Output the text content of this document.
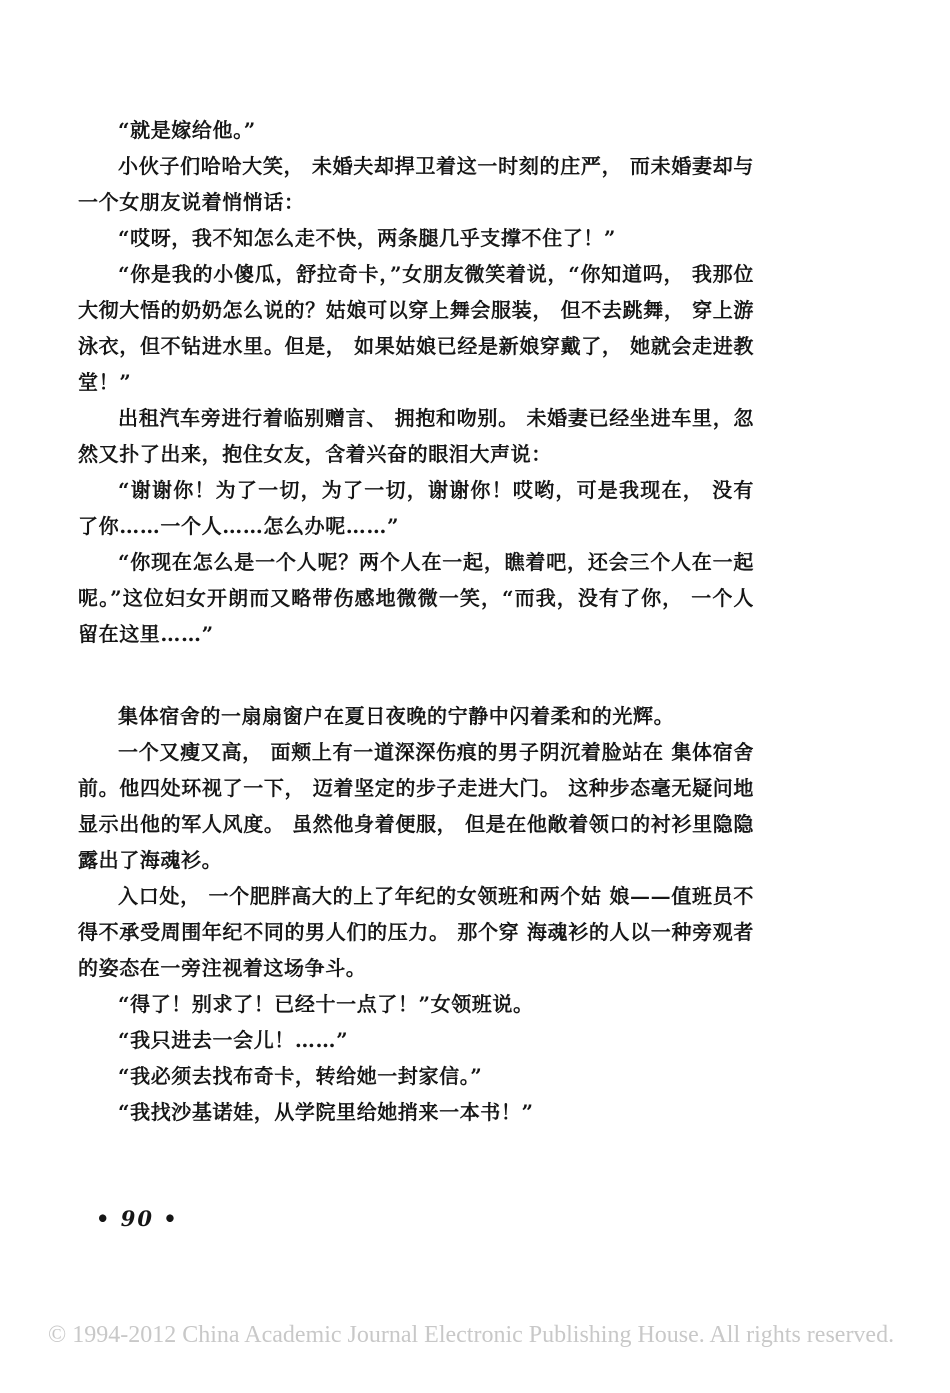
“就是嫁给他。”

小伙子们哈哈大笑， 未婚夫却捍卫着这一时刻的庄严， 而未婚妻却与一个女朋友说着悄悄话：

“哎呀，我不知怎么走不快，两条腿几乎支撑不住了！”

“你是我的小傻瓜，舒拉奇卡，”女朋友微笑着说，“你知道吗， 我那位大彻大悟的奶奶怎么说的？姑娘可以穿上舞会服装， 但不去跳舞， 穿上游泳衣，但不钻进水里。但是， 如果姑娘已经是新娘穿戴了， 她就会走进教堂！”

出租汽车旁进行着临别赠言、 拥抱和吻别。 未婚妻已经坐进车里，忽然又扑了出来，抱住女友，含着兴奋的眼泪大声说：

“谢谢你！为了一切，为了一切，谢谢你！哎哟，可是我现在， 没有了你……一个人……怎么办呢……”

“你现在怎么是一个人呢？两个人在一起，瞧着吧，还会三个人在一起呢。”这位妇女开朗而又略带伤感地微微一笑，“而我，没有了你， 一个人留在这里……”

集体宿舍的一扇扇窗户在夏日夜晚的宁静中闪着柔和的光辉。

一个又瘦又高， 面颊上有一道深深伤痕的男子阴沉着脸站在 集体宿舍前。他四处环视了一下， 迈着坚定的步子走进大门。 这种步态毫无疑问地显示出他的军人风度。 虽然他身着便服， 但是在他敞着领口的衬衫里隐隐露出了海魂衫。

入口处， 一个肥胖高大的上了年纪的女领班和两个姑 娘——值班员不得不承受周围年纪不同的男人们的压力。 那个穿 海魂衫的人以一种旁观者的姿态在一旁注视着这场争斗。

“得了！别求了！已经十一点了！”女领班说。

“我只进去一会儿！……”

“我必须去找布奇卡，转给她一封家信。”

“我找沙基诺娃，从学院里给她捎来一本书！”

• 90 •
© 1994-2012 China Academic Journal Electronic Publishing House. All rights reserved.
